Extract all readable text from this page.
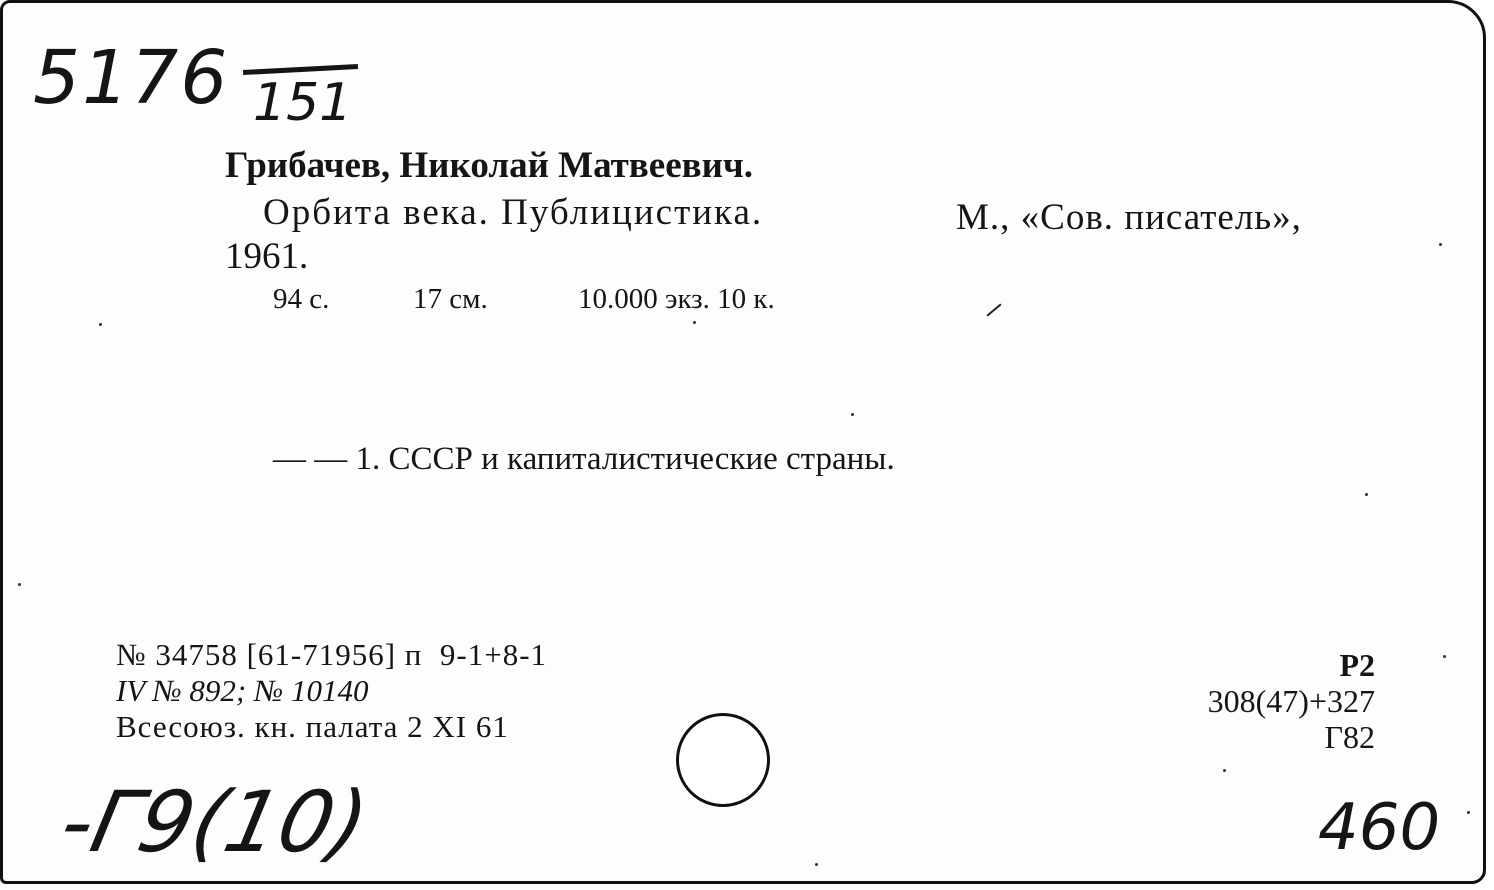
5176 151
-Г9(10)	460
Грибачев, Николай Матвеевич.
Орбита века. Публицистика.	М., «Сов. писатель»,
1961.
94 с.	17 см.	10.000 экз. 10 к.
— — 1. СССР и капиталистические страны.
№ 34758 [61-71956] п  9-1+8-1
IV № 892; № 10140
Всесоюз. кн. палата 2 XI 61
Р2
308(47)+327
Г82
